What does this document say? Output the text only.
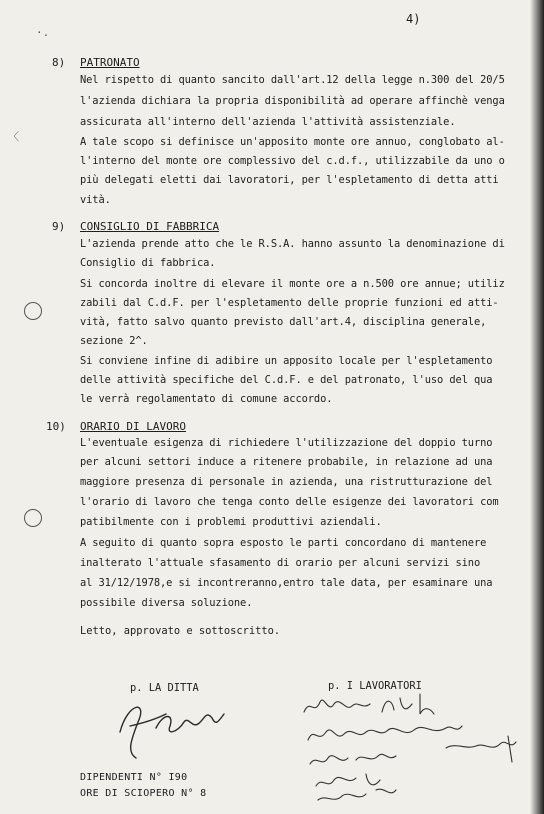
·.
〈
4)
8) PATRONATO
Nel rispetto di quanto sancito dall'art.12 della legge n.300 del 20/5
l'azienda dichiara la propria disponibilità ad operare affinchè venga
assicurata all'interno dell'azienda l'attività assistenziale.
A tale scopo si definisce un'apposito monte ore annuo, conglobato al-
l'interno del monte ore complessivo del c.d.f., utilizzabile da uno o
più delegati eletti dai lavoratori, per l'espletamento di detta atti
vità.
9) CONSIGLIO DI FABBRICA
L'azienda prende atto che le R.S.A. hanno assunto la denominazione di
Consiglio di fabbrica.
Si concorda inoltre di elevare il monte ore a n.500 ore annue; utiliz
zabili dal C.d.F. per l'espletamento delle proprie funzioni ed atti-
vità, fatto salvo quanto previsto dall'art.4, disciplina generale,
sezione 2^.
Si conviene infine di adibire un apposito locale per l'espletamento
delle attività specifiche del C.d.F. e del patronato, l'uso del qua
le verrà regolamentato di comune accordo.
10) ORARIO DI LAVORO
L'eventuale esigenza di richiedere l'utilizzazione del doppio turno
per alcuni settori induce a ritenere probabile, in relazione ad una
maggiore presenza di personale in azienda, una ristrutturazione del
l'orario di lavoro che tenga conto delle esigenze dei lavoratori com
patibilmente con i problemi produttivi aziendali.
A seguito di quanto sopra esposto le parti concordano di mantenere
inalterato l'attuale sfasamento di orario per alcuni servizi sino
al 31/12/1978,e si incontreranno,entro tale data, per esaminare una
possibile diversa soluzione.
Letto, approvato e sottoscritto.
p. LA DITTA	p. I LAVORATORI
DIPENDENTI N° I90
ORE DI SCIOPERO N° 8
